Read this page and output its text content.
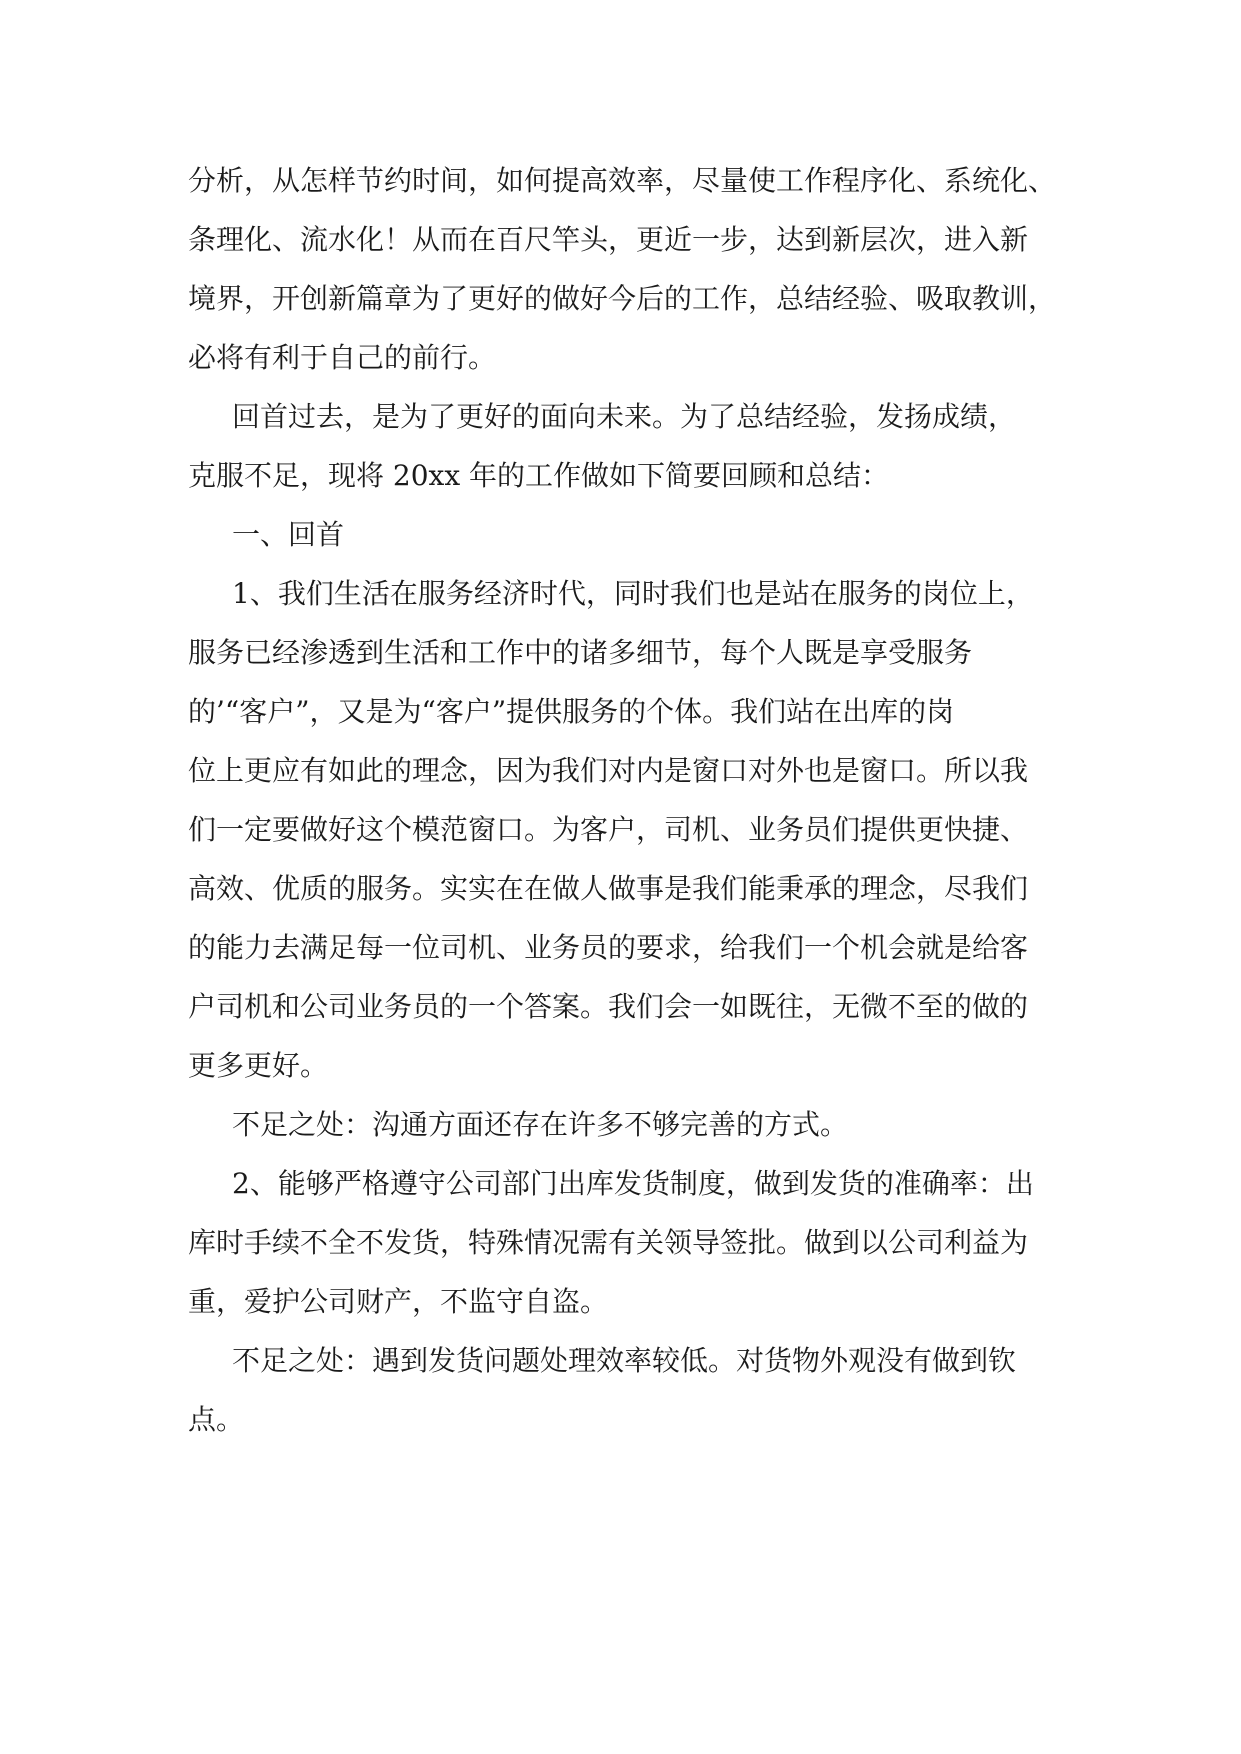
分析，从怎样节约时间，如何提高效率，尽量使工作程序化、系统化、
条理化、流水化！从而在百尺竿头，更近一步，达到新层次，进入新
境界，开创新篇章为了更好的做好今后的工作，总结经验、吸取教训，
必将有利于自己的前行。
回首过去，是为了更好的面向未来。为了总结经验，发扬成绩，
克服不足，现将 20xx 年的工作做如下简要回顾和总结：
一、回首
1、我们生活在服务经济时代，同时我们也是站在服务的岗位上，
服务已经渗透到生活和工作中的诸多细节，每个人既是享受服务
的’“客户”，又是为“客户”提供服务的个体。我们站在出库的岗
位上更应有如此的理念，因为我们对内是窗口对外也是窗口。所以我
们一定要做好这个模范窗口。为客户，司机、业务员们提供更快捷、
高效、优质的服务。实实在在做人做事是我们能秉承的理念，尽我们
的能力去满足每一位司机、业务员的要求，给我们一个机会就是给客
户司机和公司业务员的一个答案。我们会一如既往，无微不至的做的
更多更好。
不足之处：沟通方面还存在许多不够完善的方式。
2、能够严格遵守公司部门出库发货制度，做到发货的准确率：出
库时手续不全不发货，特殊情况需有关领导签批。做到以公司利益为
重，爱护公司财产，不监守自盗。
不足之处：遇到发货问题处理效率较低。对货物外观没有做到钦
点。
